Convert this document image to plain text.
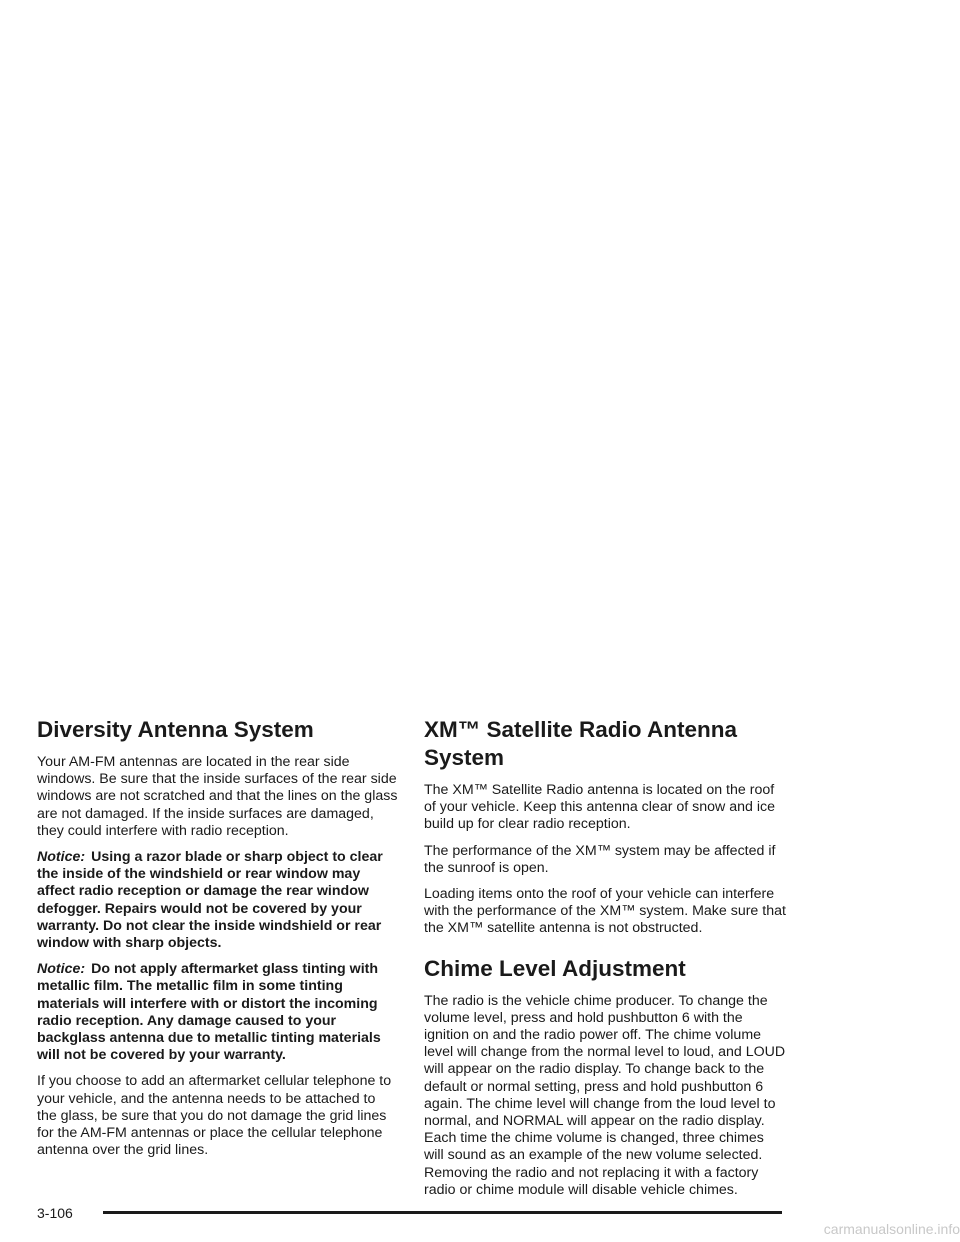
Diversity Antenna System

Your AM-FM antennas are located in the rear side windows. Be sure that the inside surfaces of the rear side windows are not scratched and that the lines on the glass are not damaged. If the inside surfaces are damaged, they could interfere with radio reception.

Notice: Using a razor blade or sharp object to clear the inside of the windshield or rear window may affect radio reception or damage the rear window defogger. Repairs would not be covered by your warranty. Do not clear the inside windshield or rear window with sharp objects.

Notice: Do not apply aftermarket glass tinting with metallic film. The metallic film in some tinting materials will interfere with or distort the incoming radio reception. Any damage caused to your backglass antenna due to metallic tinting materials will not be covered by your warranty.

If you choose to add an aftermarket cellular telephone to your vehicle, and the antenna needs to be attached to the glass, be sure that you do not damage the grid lines for the AM-FM antennas or place the cellular telephone antenna over the grid lines.

XM™ Satellite Radio Antenna System

The XM™ Satellite Radio antenna is located on the roof of your vehicle. Keep this antenna clear of snow and ice build up for clear radio reception.

The performance of the XM™ system may be affected if the sunroof is open.

Loading items onto the roof of your vehicle can interfere with the performance of the XM™ system. Make sure that the XM™ satellite antenna is not obstructed.

Chime Level Adjustment

The radio is the vehicle chime producer. To change the volume level, press and hold pushbutton 6 with the ignition on and the radio power off. The chime volume level will change from the normal level to loud, and LOUD will appear on the radio display. To change back to the default or normal setting, press and hold pushbutton 6 again. The chime level will change from the loud level to normal, and NORMAL will appear on the radio display. Each time the chime volume is changed, three chimes will sound as an example of the new volume selected. Removing the radio and not replacing it with a factory radio or chime module will disable vehicle chimes.

3-106
carmanualsonline.info
